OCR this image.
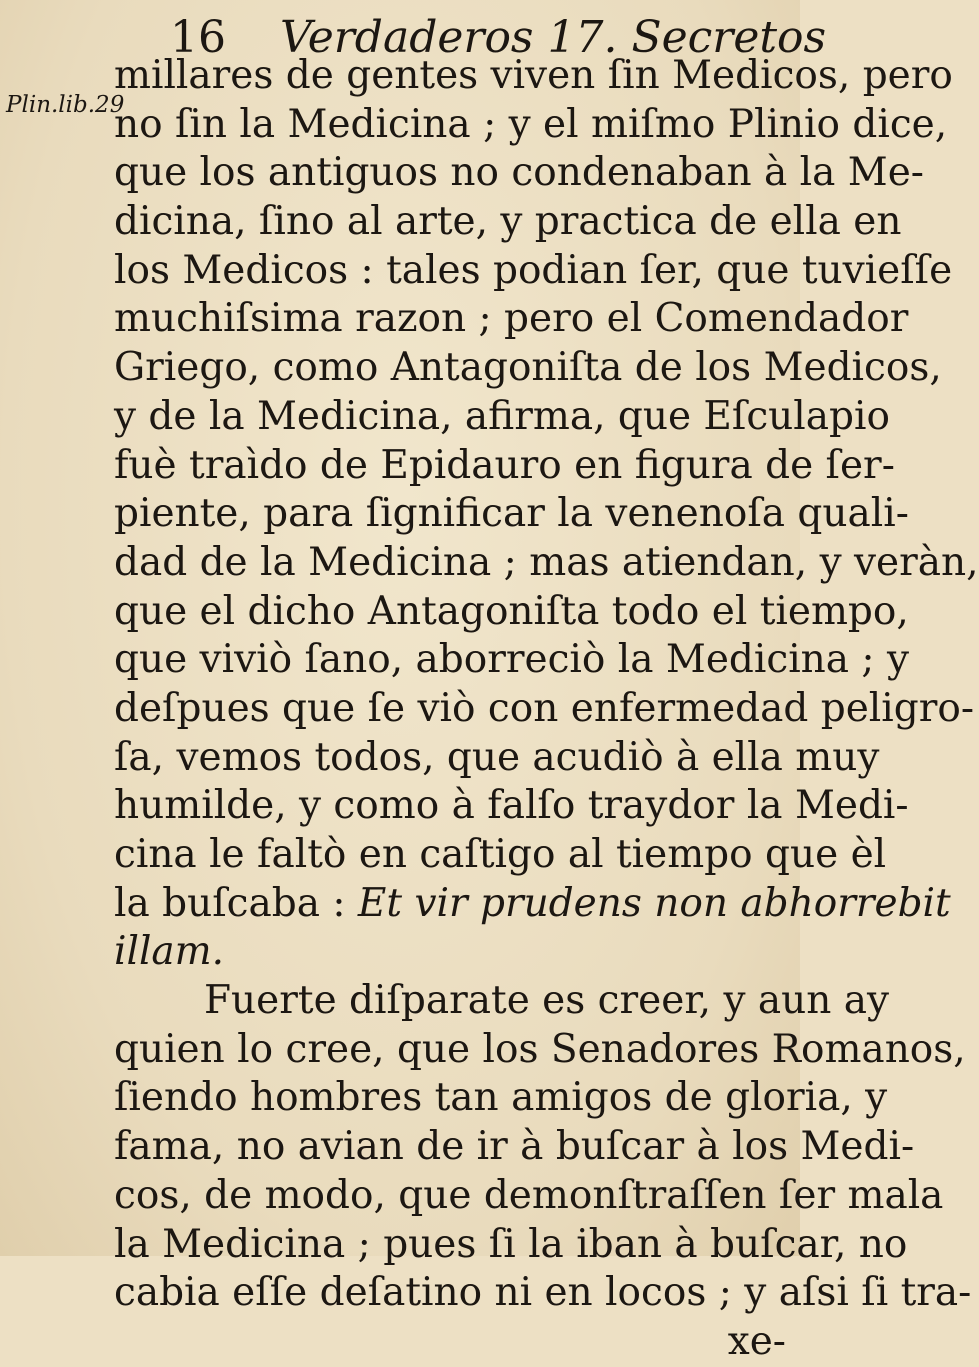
16 Verdaderos 17. Secretos
Plin.lib.29
millares de gentes viven ſin Medicos, pero
no ſin la Medicina ; y el miſmo Plinio dice,
que los antiguos no condenaban à la Me-
dicina, ſino al arte, y practica de ella en
los Medicos : tales podian ſer, que tuvieſſe
muchiſsima razon ; pero el Comendador
Griego, como Antagoniſta de los Medicos,
y de la Medicina, afirma, que Eſculapio
fuè traìdo de Epidauro en figura de ſer-
piente, para ſignificar la venenoſa quali-
dad de la Medicina ; mas atiendan, y veràn,
que el dicho Antagoniſta todo el tiempo,
que viviò ſano, aborreciò la Medicina ; y
deſpues que ſe viò con enfermedad peligro-
ſa, vemos todos, que acudiò à ella muy
humilde, y como à falſo traydor la Medi-
cina le faltò en caſtigo al tiempo que èl
la buſcaba : Et vir prudens non abhorrebit
illam.
Fuerte diſparate es creer, y aun ay
quien lo cree, que los Senadores Romanos,
ſiendo hombres tan amigos de gloria, y
fama, no avian de ir à buſcar à los Medi-
cos, de modo, que demonſtraſſen ſer mala
la Medicina ; pues ſi la iban à buſcar, no
cabia eſſe deſatino ni en locos ; y aſsi ſi tra-
xe-
